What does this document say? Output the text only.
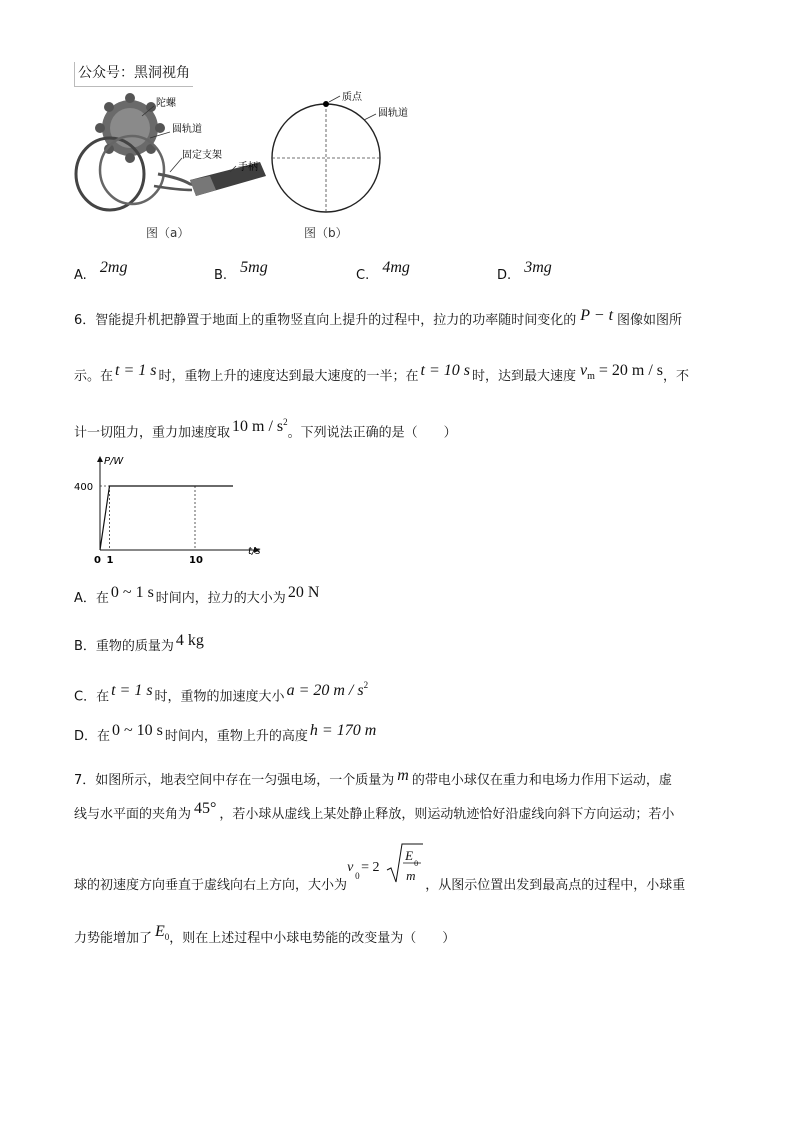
公众号：黑洞视角
陀螺
圆轨道
固定支架
手柄
图（a）
质点
圆轨道
图（b）
A. 2mg	B. 5mg	C. 4mg	D. 3mg
6．智能提升机把静置于地面上的重物竖直向上提升的过程中，拉力的功率随时间变化的 P − t 图像如图所
示。在 t = 1 s 时，重物上升的速度达到最大速度的一半；在 t = 10 s 时，达到最大速度 $v_m = 20$ m / s，不
计一切阻力，重力加速度取 10 m / $s^2$。下列说法正确的是（　　）
P/W
t/s
400
0 1	10
A．在 0 ~ 1 s 时间内，拉力的大小为 20 N
B．重物的质量为 4 kg
C．在 t = 1 s 时，重物的加速度大小 a = 20 m / $s^2$
D．在 0 ~ 10 s 时间内，重物上升的高度 h = 170 m
7．如图所示，地表空间中存在一匀强电场，一个质量为 m 的带电小球仅在重力和电场力作用下运动，虚
线与水平面的夹角为 45° ，若小球从虚线上某处静止释放，则运动轨迹恰好沿虚线向斜下方向运动；若小
球的初速度方向垂直于虚线向右上方向，大小为
v
0
= 2
E
0
m
，从图示位置出发到最高点的过程中，小球重
力势能增加了 $E_0$，则在上述过程中小球电势能的改变量为（　　）
